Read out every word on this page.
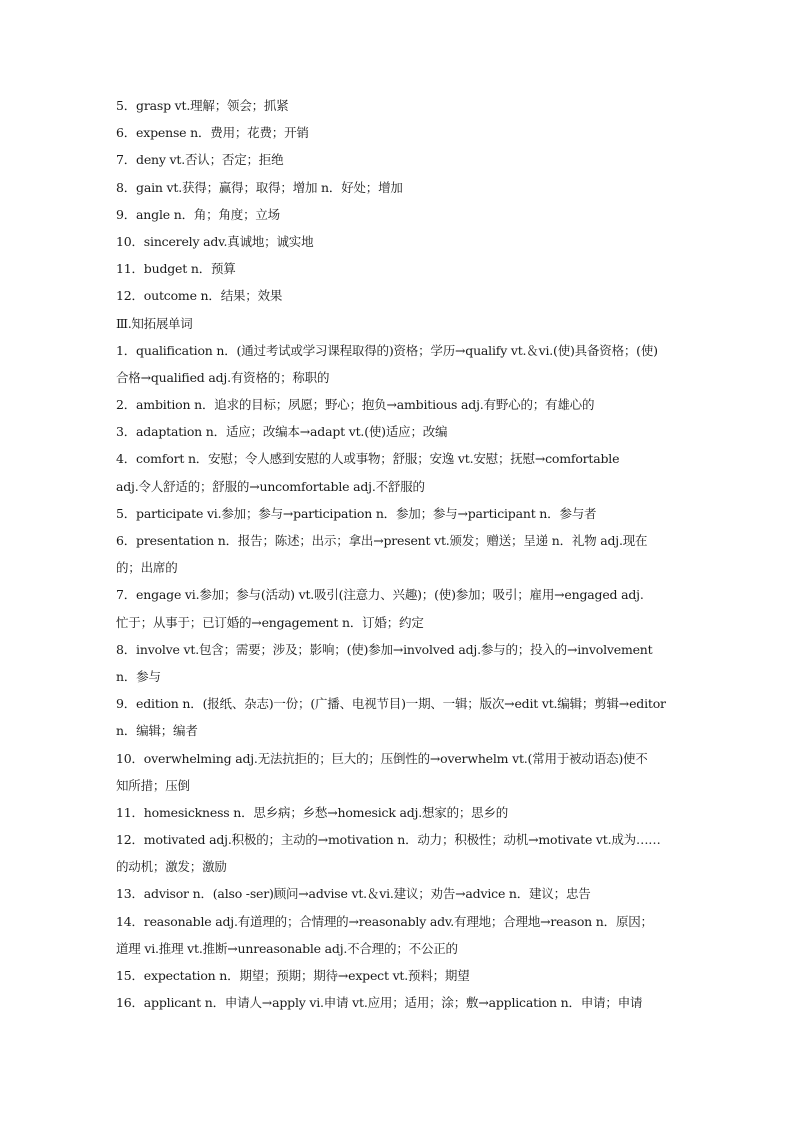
5．grasp vt.理解；领会；抓紧
6．expense n．费用；花费；开销
7．deny vt.否认；否定；拒绝
8．gain vt.获得；赢得；取得；增加 n．好处；增加
9．angle n．角；角度；立场
10．sincerely adv.真诚地；诚实地
11．budget n．预算
12．outcome n．结果；效果
Ⅲ.知拓展单词
1．qualification n．(通过考试或学习课程取得的)资格；学历→qualify vt.＆vi.(使)具备资格；(使)
合格→qualified adj.有资格的；称职的
2．ambition n．追求的目标；夙愿；野心；抱负→ambitious adj.有野心的；有雄心的
3．adaptation n．适应；改编本→adapt vt.(使)适应；改编
4．comfort n．安慰；令人感到安慰的人或事物；舒服；安逸 vt.安慰；抚慰→comfortable
adj.令人舒适的；舒服的→uncomfortable adj.不舒服的
5．participate vi.参加；参与→participation n．参加；参与→participant n．参与者
6．presentation n．报告；陈述；出示；拿出→present vt.颁发；赠送；呈递 n．礼物 adj.现在
的；出席的
7．engage vi.参加；参与(活动) vt.吸引(注意力、兴趣)；(使)参加；吸引；雇用→engaged adj.
忙于；从事于；已订婚的→engagement n．订婚；约定
8．involve vt.包含；需要；涉及；影响；(使)参加→involved adj.参与的；投入的→involvement
n．参与
9．edition n．(报纸、杂志)一份；(广播、电视节目)一期、一辑；版次→edit vt.编辑；剪辑→editor
n．编辑；编者
10．overwhelming adj.无法抗拒的；巨大的；压倒性的→overwhelm vt.(常用于被动语态)使不
知所措；压倒
11．homesickness n．思乡病；乡愁→homesick adj.想家的；思乡的
12．motivated adj.积极的；主动的→motivation n．动力；积极性；动机→motivate vt.成为……
的动机；激发；激励
13．advisor n．(also -ser)顾问→advise vt.＆vi.建议；劝告→advice n．建议；忠告
14．reasonable adj.有道理的；合情理的→reasonably adv.有理地；合理地→reason n．原因；
道理 vi.推理 vt.推断→unreasonable adj.不合理的；不公正的
15．expectation n．期望；预期；期待→expect vt.预料；期望
16．applicant n．申请人→apply vi.申请 vt.应用；适用；涂；敷→application n．申请；申请
